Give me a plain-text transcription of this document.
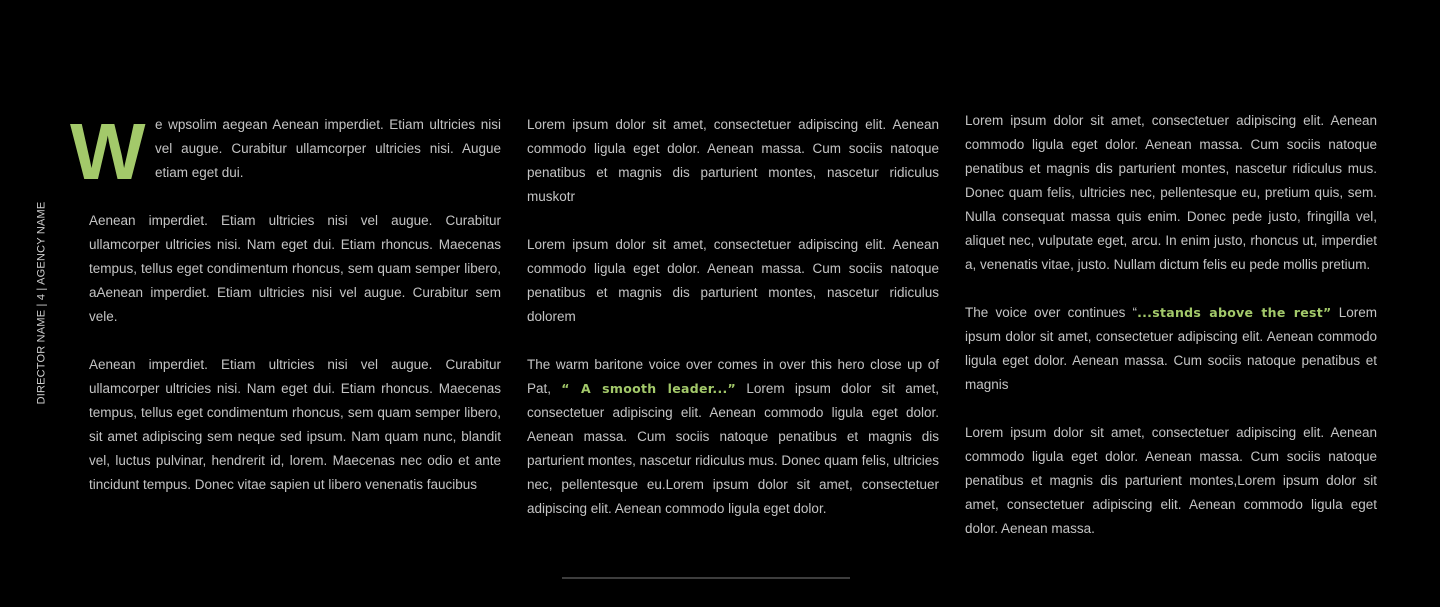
DIRECTOR NAME | 4 | AGENCY NAME
W e wpsolim aegean Aenean imperdiet. Etiam ultricies nisi vel augue. Curabitur ullamcorper ultricies nisi. Augue etiam eget dui.

Aenean imperdiet. Etiam ultricies nisi vel augue. Curabitur ullamcorper ultricies nisi. Nam eget dui. Etiam rhoncus. Maecenas tempus, tellus eget condimentum rhoncus, sem quam semper libero, aAenean imperdiet. Etiam ultricies nisi vel augue. Curabitur sem vele.

Aenean imperdiet. Etiam ultricies nisi vel augue. Curabitur ullamcorper ultricies nisi. Nam eget dui. Etiam rhoncus. Maecenas tempus, tellus eget condimentum rhoncus, sem quam semper libero, sit amet adipiscing sem neque sed ipsum. Nam quam nunc, blandit vel, luctus pulvinar, hendrerit id, lorem. Maecenas nec odio et ante tincidunt tempus. Donec vitae sapien ut libero venenatis faucibus

Lorem ipsum dolor sit amet, consectetuer adipiscing elit. Aenean commodo ligula eget dolor. Aenean massa. Cum sociis natoque penatibus et magnis dis parturient montes, nascetur ridiculus muskotr

Lorem ipsum dolor sit amet, consectetuer adipiscing elit. Aenean commodo ligula eget dolor. Aenean massa. Cum sociis natoque penatibus et magnis dis parturient montes, nascetur ridiculus dolorem

The warm baritone voice over comes in over this hero close up of Pat, “ A smooth leader...” Lorem ipsum dolor sit amet, consectetuer adipiscing elit. Aenean commodo ligula eget dolor. Aenean massa. Cum sociis natoque penatibus et magnis dis parturient montes, nascetur ridiculus mus. Donec quam felis, ultricies nec, pellentesque eu.Lorem ipsum dolor sit amet, consectetuer adipiscing elit. Aenean commodo ligula eget dolor.

Lorem ipsum dolor sit amet, consectetuer adipiscing elit. Aenean commodo ligula eget dolor. Aenean massa. Cum sociis natoque penatibus et magnis dis parturient montes, nascetur ridiculus mus. Donec quam felis, ultricies nec, pellentesque eu, pretium quis, sem. Nulla consequat massa quis enim. Donec pede justo, fringilla vel, aliquet nec, vulputate eget, arcu. In enim justo, rhoncus ut, imperdiet a, venenatis vitae, justo. Nullam dictum felis eu pede mollis pretium.

The voice over continues “...stands above the rest” Lorem ipsum dolor sit amet, consectetuer adipiscing elit. Aenean commodo ligula eget dolor. Aenean massa. Cum sociis natoque penatibus et magnis

Lorem ipsum dolor sit amet, consectetuer adipiscing elit. Aenean commodo ligula eget dolor. Aenean massa. Cum sociis natoque penatibus et magnis dis parturient montes,Lorem ipsum dolor sit amet, consectetuer adipiscing elit. Aenean commodo ligula eget dolor. Aenean massa.
